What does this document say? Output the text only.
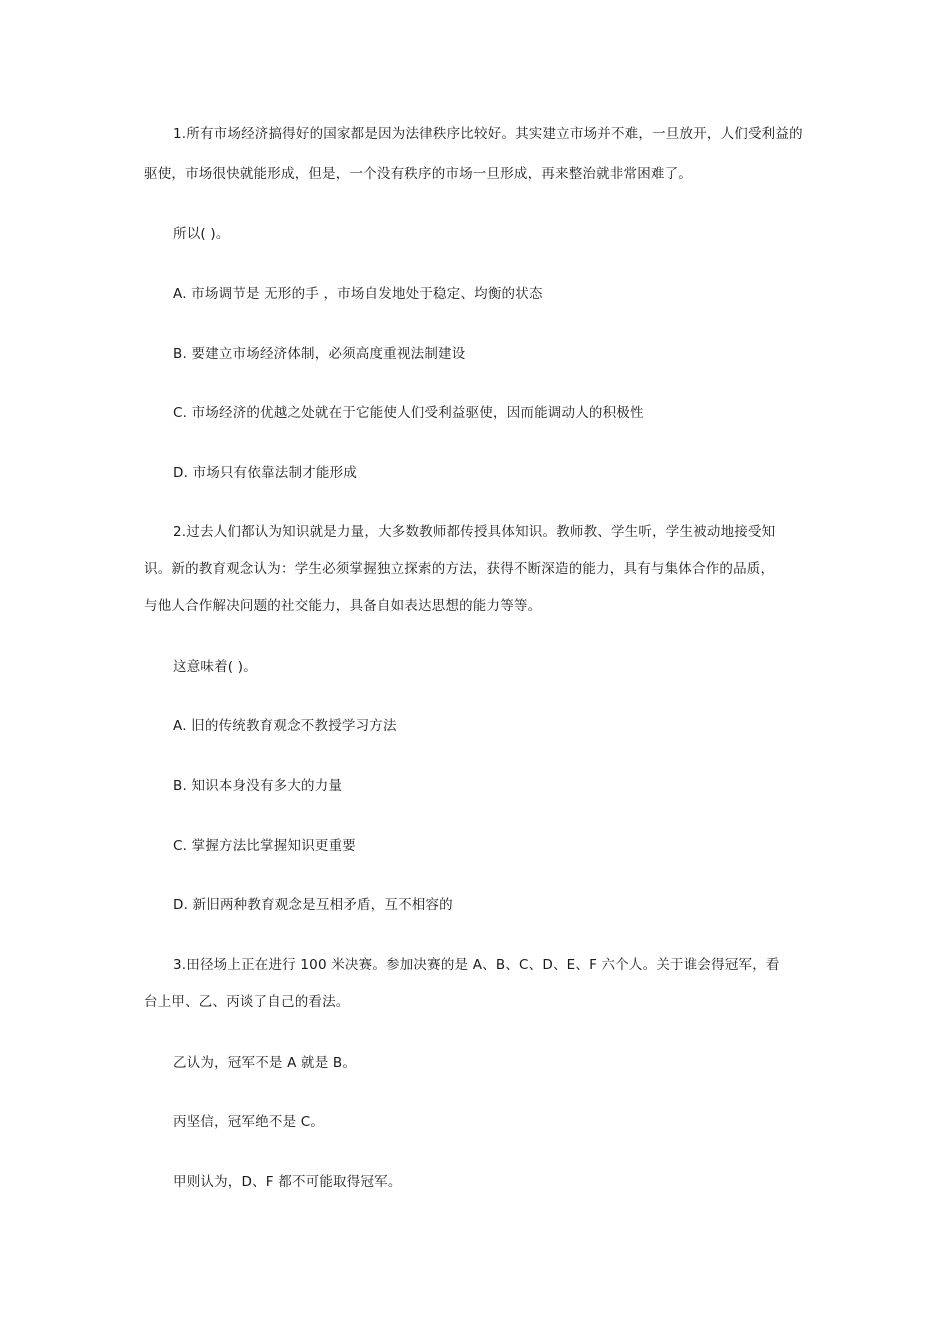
1.所有市场经济搞得好的国家都是因为法律秩序比较好。其实建立市场并不难，一旦放开，人们受利益的

驱使，市场很快就能形成，但是，一个没有秩序的市场一旦形成，再来整治就非常困难了。

所以( )。

A. 市场调节是 无形的手 ，市场自发地处于稳定、均衡的状态

B. 要建立市场经济体制，必须高度重视法制建设

C. 市场经济的优越之处就在于它能使人们受利益驱使，因而能调动人的积极性

D. 市场只有依靠法制才能形成

2.过去人们都认为知识就是力量，大多数教师都传授具体知识。教师教、学生听，学生被动地接受知

识。新的教育观念认为：学生必须掌握独立探索的方法，获得不断深造的能力，具有与集体合作的品质，

与他人合作解决问题的社交能力，具备自如表达思想的能力等等。

这意味着( )。

A. 旧的传统教育观念不教授学习方法

B. 知识本身没有多大的力量

C. 掌握方法比掌握知识更重要

D. 新旧两种教育观念是互相矛盾，互不相容的

3.田径场上正在进行 100 米决赛。参加决赛的是 A、B、C、D、E、F 六个人。关于谁会得冠军，看

台上甲、乙、丙谈了自己的看法。

乙认为，冠军不是 A 就是 B。

丙坚信，冠军绝不是 C。

甲则认为，D、F 都不可能取得冠军。
